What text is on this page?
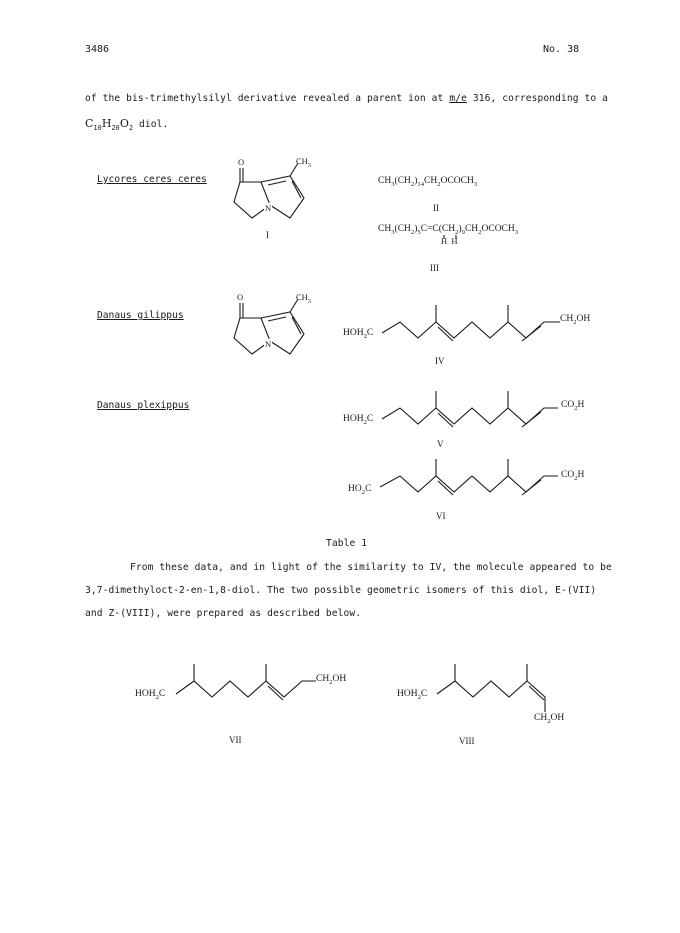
3486	No. 38
of the bis-trimethylsilyl derivative revealed a parent ion at m/e 316, corresponding to a
$C_{10}H_{20}O_2$ diol.
Lycores ceres ceres
Danaus gilippus
Danaus plexippus
O
N
$CH_3$
I
$CH_3(CH_2)_{14}CH_2OCOCH_3$
II
$CH_3(CH_2)_5C=C(CH_2)_9CH_2OCOCH_3$
H  H
III
O
N
$CH_3$
$HOH_2C$
$CH_2OH$
IV
$HOH_2C$
$CO_2H$
V
$HO_2C$
$CO_2H$
VI
Table 1
From these data, and in light of the similarity to IV, the molecule appeared to be
3,7-dimethyloct-2-en-1,8-diol. The two possible geometric isomers of this diol, E-(VII)
and Z-(VIII), were prepared as described below.
$HOH_2C$
$CH_2OH$
VII
$HOH_2C$
$CH_2OH$
VIII
